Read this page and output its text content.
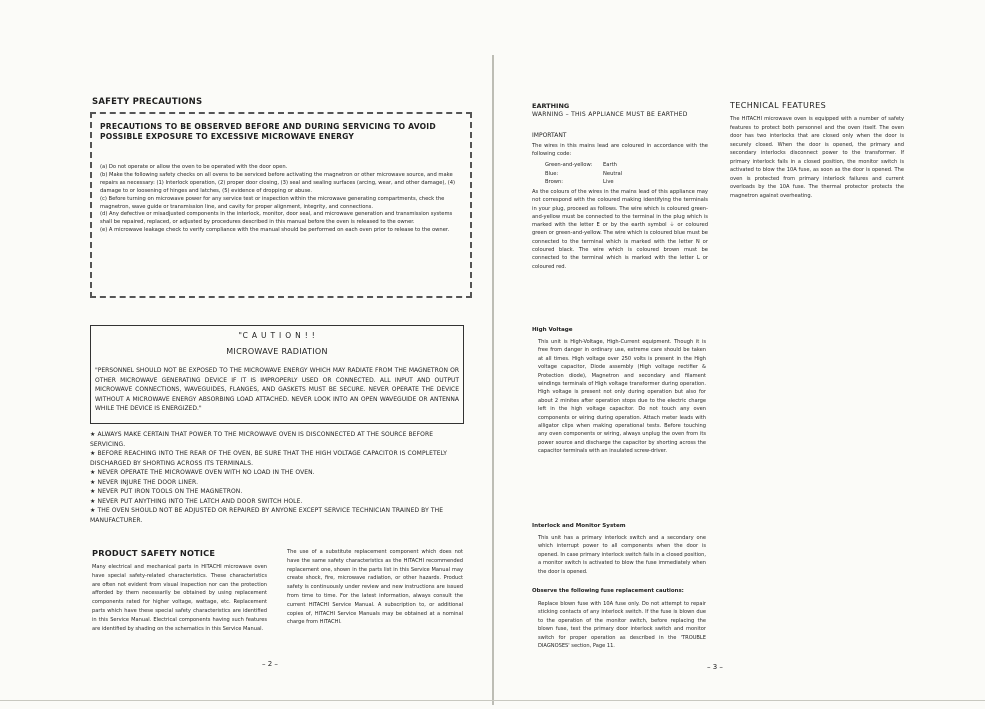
SAFETY PRECAUTIONS
PRECAUTIONS TO BE OBSERVED BEFORE AND DURING SERVICING TO AVOID POSSIBLE EXPOSURE TO EXCESSIVE MICROWAVE ENERGY
(a) Do not operate or allow the oven to be operated with the door open.
(b) Make the following safety checks on all ovens to be serviced before activating the magnetron or other microwave source, and make repairs as necessary: (1) Interlock operation, (2) proper door closing, (3) seal and sealing surfaces (arcing, wear, and other damage), (4) damage to or loosening of hinges and latches, (5) evidence of dropping or abuse.
(c) Before turning on microwave power for any service test or inspection within the microwave generating compartments, check the magnetron, wave guide or transmission line, and cavity for proper alignment, integrity, and connections.
(d) Any defective or misadjusted components in the interlock, monitor, door seal, and microwave generation and transmission systems shall be repaired, replaced, or adjusted by procedures described in this manual before the oven is released to the owner.
(e) A microwave leakage check to verify compliance with the manual should be performed on each oven prior to release to the owner.
"C A U T I O N ! !
MICROWAVE RADIATION
"PERSONNEL SHOULD NOT BE EXPOSED TO THE MICROWAVE ENERGY WHICH MAY RADIATE FROM THE MAGNETRON OR OTHER MICROWAVE GENERATING DEVICE IF IT IS IMPROPERLY USED OR CONNECTED. ALL INPUT AND OUTPUT MICROWAVE CONNECTIONS, WAVEGUIDES, FLANGES, AND GASKETS MUST BE SECURE. NEVER OPERATE THE DEVICE WITHOUT A MICROWAVE ENERGY ABSORBING LOAD ATTACHED. NEVER LOOK INTO AN OPEN WAVEGUIDE OR ANTENNA WHILE THE DEVICE IS ENERGIZED."
★ ALWAYS MAKE CERTAIN THAT POWER TO THE MICROWAVE OVEN IS DISCONNECTED AT THE SOURCE BEFORE SERVICING.
★ BEFORE REACHING INTO THE REAR OF THE OVEN, BE SURE THAT THE HIGH VOLTAGE CAPACITOR IS COMPLETELY DISCHARGED BY SHORTING ACROSS ITS TERMINALS.
★ NEVER OPERATE THE MICROWAVE OVEN WITH NO LOAD IN THE OVEN.
★ NEVER INJURE THE DOOR LINER.
★ NEVER PUT IRON TOOLS ON THE MAGNETRON.
★ NEVER PUT ANYTHING INTO THE LATCH AND DOOR SWITCH HOLE.
★ THE OVEN SHOULD NOT BE ADJUSTED OR REPAIRED BY ANYONE EXCEPT SERVICE TECHNICIAN TRAINED BY THE MANUFACTURER.
PRODUCT SAFETY NOTICE
Many electrical and mechanical parts in HITACHI microwave oven have special safety-related characteristics. These characteristics are often not evident from visual inspection nor can the protection afforded by them necessarily be obtained by using replacement components rated for higher voltage, wattage, etc. Replacement parts which have these special safety characteristics are identified in this Service Manual. Electrical components having such features are identified by shading on the schematics in this Service Manual.
The use of a substitute replacement component which does not have the same safety characteristics as the HITACHI recommended replacement one, shown in the parts list in this Service Manual may create shock, fire, microwave radiation, or other hazards. Product safety is continuously under review and new instructions are issued from time to time. For the latest information, always consult the current HITACHI Service Manual. A subscription to, or additional copies of, HITACHI Service Manuals may be obtained at a nominal charge from HITACHI.
– 2 –
EARTHING
WARNING – THIS APPLIANCE MUST BE EARTHED
IMPORTANT
The wires in this mains lead are coloured in accordance with the following code:
Green-and-yellow: Earth
Blue:	Neutral
Brown:	Live
As the colours of the wires in the mains lead of this appliance may not correspond with the coloured making identifying the terminals in your plug, proceed as follows. The wire which is coloured green-and-yellow must be connected to the terminal in the plug which is marked with the letter E or by the earth symbol ⏚ or coloured green or green-and-yellow. The wire which is coloured blue must be connected to the terminal which is marked with the letter N or coloured black. The wire which is coloured brown must be connected to the terminal which is marked with the letter L or coloured red.
High Voltage
This unit is High-Voltage, High-Current equipment. Though it is free from danger in ordinary use, extreme care should be taken at all times. High voltage over 250 volts is present in the High voltage capacitor, Diode assembly (High voltage rectifier & Protection diode), Magnetron and secondary and filament windings terminals of High voltage transformer during operation. High voltage is present not only during operation but also for about 2 minites after operation stops due to the electric charge left in the high voltage capacitor. Do not touch any oven components or wiring during operation. Attach meter leads with alligator clips when making operational tests. Before touching any oven components or wiring, always unplug the oven from its power source and discharge the capacitor by shorting across the capacitor terminals with an insulated screw-driver.
Interlock and Monitor System
This unit has a primary interlock switch and a secondary one which interrupt power to all components when the door is opened. In case primary interlock switch fails in a closed position, a monitor switch is activated to blow the fuse immediately when the door is opened.
Observe the following fuse replacement cautions:
Replace blown fuse with 10A fuse only. Do not attempt to repair sticking contacts of any interlock switch. If the fuse is blown due to the operation of the monitor switch, before replacing the blown fuse, test the primary door interlock switch and monitor switch for proper operation as described in the 'TROUBLE DIAGNOSES' section, Page 11.
TECHNICAL FEATURES
The HITACHI microwave oven is equipped with a number of safety features to protect both personnel and the oven itself. The oven door has two interlocks that are closed only when the door is securely closed. When the door is opened, the primary and secondary interlocks disconnect power to the transformer. If primary interlock fails in a closed position, the monitor switch is activated to blow the 10A fuse, as soon as the door is opened. The oven is protected from primary interlock failures and current overloads by the 10A fuse. The thermal protector protects the magnetron against overheating.
– 3 –
